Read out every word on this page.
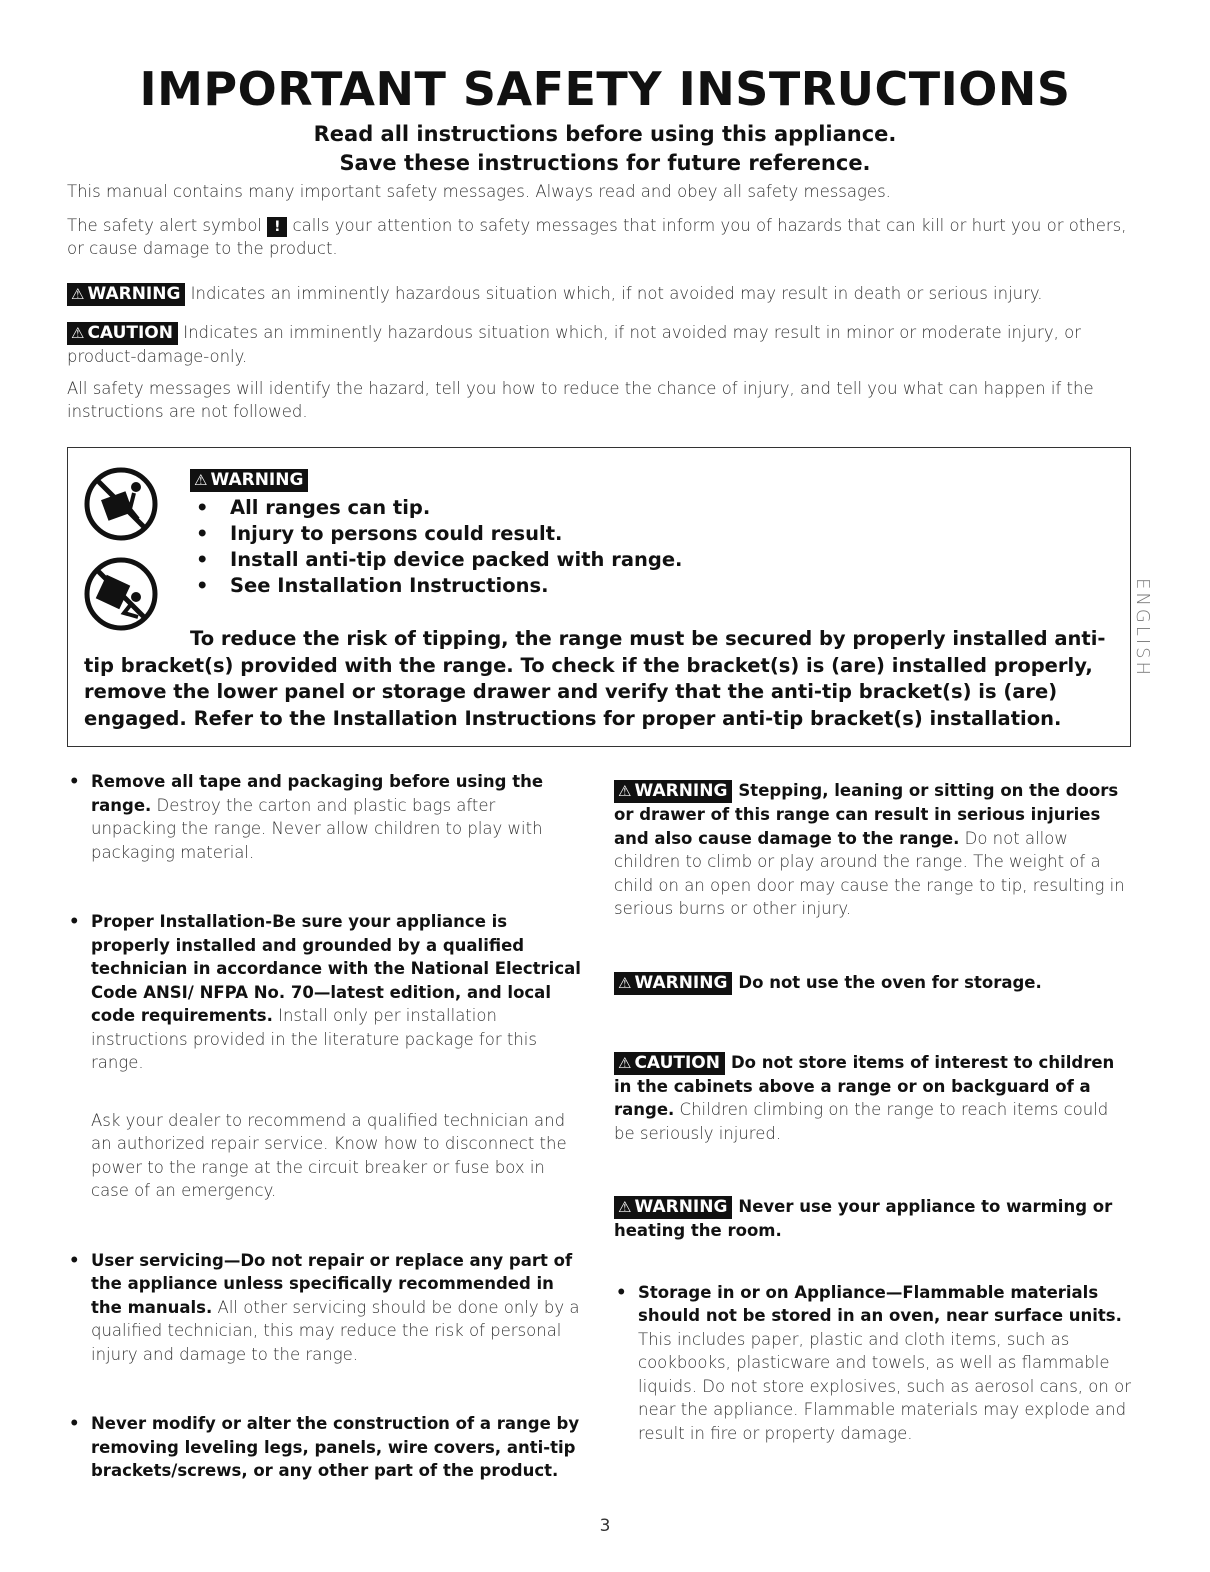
IMPORTANT SAFETY INSTRUCTIONS
Read all instructions before using this appliance.
Save these instructions for future reference.
This manual contains many important safety messages. Always read and obey all safety messages.
The safety alert symbol ! calls your attention to safety messages that inform you of hazards that can kill or hurt you or others, or cause damage to the product.
⚠ WARNING Indicates an imminently hazardous situation which, if not avoided may result in death or serious injury.
⚠ CAUTION Indicates an imminently hazardous situation which, if not avoided may result in minor or moderate injury, or product-damage-only.
All safety messages will identify the hazard, tell you how to reduce the chance of injury, and tell you what can happen if the instructions are not followed.
⚠ WARNING
• All ranges can tip.
• Injury to persons could result.
• Install anti-tip device packed with range.
• See Installation Instructions.
To reduce the risk of tipping, the range must be secured by properly installed anti-tip bracket(s) provided with the range. To check if the bracket(s) is (are) installed properly, remove the lower panel or storage drawer and verify that the anti-tip bracket(s) is (are) engaged. Refer to the Installation Instructions for proper anti-tip bracket(s) installation.
ENGLISH
• Remove all tape and packaging before using the range. Destroy the carton and plastic bags after unpacking the range. Never allow children to play with packaging material.
• Proper Installation-Be sure your appliance is properly installed and grounded by a qualified technician in accordance with the National Electrical Code ANSI/ NFPA No. 70—latest edition, and local code requirements. Install only per installation instructions provided in the literature package for this range.
Ask your dealer to recommend a qualified technician and an authorized repair service. Know how to disconnect the power to the range at the circuit breaker or fuse box in case of an emergency.
• User servicing—Do not repair or replace any part of the appliance unless specifically recommended in the manuals. All other servicing should be done only by a qualified technician, this may reduce the risk of personal injury and damage to the range.
• Never modify or alter the construction of a range by removing leveling legs, panels, wire covers, anti-tip brackets/screws, or any other part of the product.
⚠ WARNING Stepping, leaning or sitting on the doors or drawer of this range can result in serious injuries and also cause damage to the range. Do not allow children to climb or play around the range. The weight of a child on an open door may cause the range to tip, resulting in serious burns or other injury.
⚠ WARNING Do not use the oven for storage.
⚠ CAUTION Do not store items of interest to children in the cabinets above a range or on backguard of a range. Children climbing on the range to reach items could be seriously injured.
⚠ WARNING Never use your appliance to warming or heating the room.
• Storage in or on Appliance—Flammable materials should not be stored in an oven, near surface units. This includes paper, plastic and cloth items, such as cookbooks, plasticware and towels, as well as flammable liquids. Do not store explosives, such as aerosol cans, on or near the appliance. Flammable materials may explode and result in fire or property damage.
3
